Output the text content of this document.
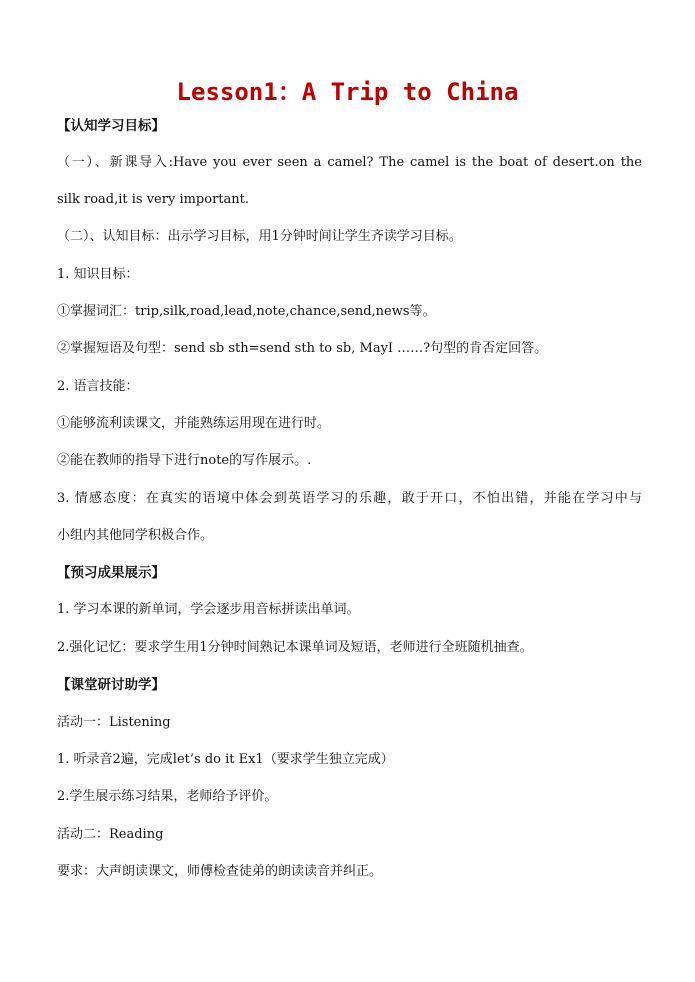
Lesson1：A Trip to China
【认知学习目标】
（一）、新课导入:Have you ever seen a camel? The camel is the boat of desert.on the
silk road,it is very important.
（二）、认知目标：出示学习目标，用1分钟时间让学生齐读学习目标。
1. 知识目标：
①掌握词汇：trip,silk,road,lead,note,chance,send,news等。
②掌握短语及句型：send sb sth=send sth to sb, MayI ……?句型的肯否定回答。
2. 语言技能：
①能够流利读课文，并能熟练运用现在进行时。
②能在教师的指导下进行note的写作展示。.
3. 情感态度：在真实的语境中体会到英语学习的乐趣，敢于开口，不怕出错，并能在学习中与
小组内其他同学积极合作。
【预习成果展示】
1. 学习本课的新单词，学会逐步用音标拼读出单词。
2.强化记忆：要求学生用1分钟时间熟记本课单词及短语，老师进行全班随机抽查。
【课堂研讨助学】
活动一：Listening
1. 听录音2遍，完成let’s do it Ex1（要求学生独立完成）
2.学生展示练习结果，老师给予评价。
活动二：Reading
要求：大声朗读课文，师傅检查徒弟的朗读读音并纠正。
